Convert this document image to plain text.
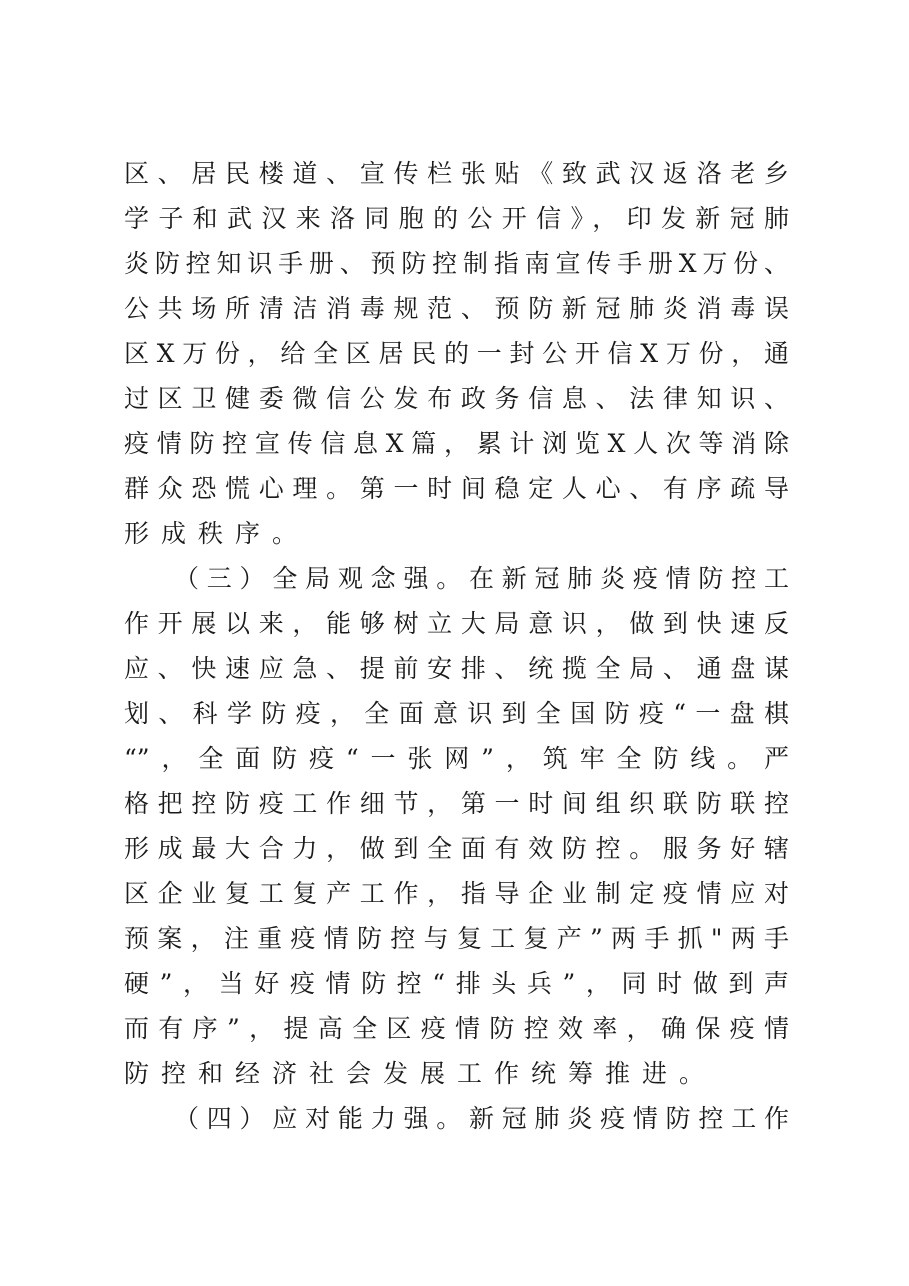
区、居民楼道、宣传栏张贴《致武汉返洛老乡
学子和武汉来洛同胞的公开信》，印发新冠肺
炎防控知识手册、预防控制指南宣传手册X万份、
公共场所清洁消毒规范、预防新冠肺炎消毒误
区X万份，给全区居民的一封公开信X万份，通
过区卫健委微信公发布政务信息、法律知识、
疫情防控宣传信息X篇，累计浏览X人次等消除
群众恐慌心理。第一时间稳定人心、有序疏导
形成秩序。
（三）全局观念强。在新冠肺炎疫情防控工
作开展以来，能够树立大局意识，做到快速反
应、快速应急、提前安排、统揽全局、通盘谋
划、科学防疫，全面意识到全国防疫“一盘棋
“”，全面防疫“一张网”，筑牢全防线。严
格把控防疫工作细节，第一时间组织联防联控
形成最大合力，做到全面有效防控。服务好辖
区企业复工复产工作，指导企业制定疫情应对
预案，注重疫情防控与复工复产”两手抓"两手
硬”，当好疫情防控“排头兵”，同时做到声
而有序”，提高全区疫情防控效率，确保疫情
防控和经济社会发展工作统筹推进。
（四）应对能力强。新冠肺炎疫情防控工作
